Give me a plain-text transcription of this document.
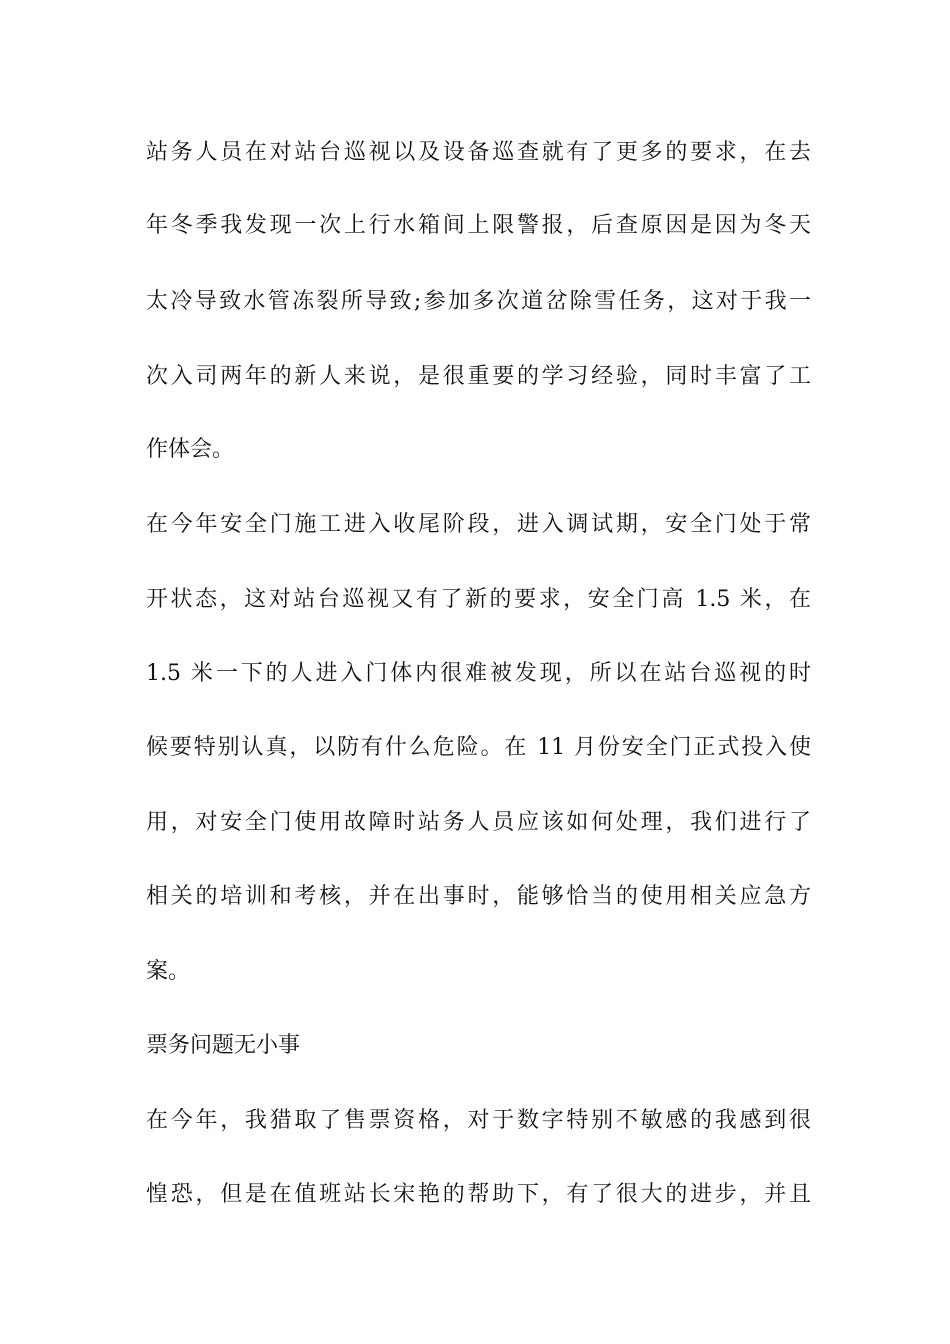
站务人员在对站台巡视以及设备巡查就有了更多的要求，在去
年冬季我发现一次上行水箱间上限警报，后查原因是因为冬天
太冷导致水管冻裂所导致;参加多次道岔除雪任务，这对于我一
次入司两年的新人来说，是很重要的学习经验，同时丰富了工
作体会。
在今年安全门施工进入收尾阶段，进入调试期，安全门处于常
开状态，这对站台巡视又有了新的要求，安全门高 1.5 米，在
1.5 米一下的人进入门体内很难被发现，所以在站台巡视的时
候要特别认真，以防有什么危险。在 11 月份安全门正式投入使
用，对安全门使用故障时站务人员应该如何处理，我们进行了
相关的培训和考核，并在出事时，能够恰当的使用相关应急方
案。
票务问题无小事
在今年，我猎取了售票资格，对于数字特别不敏感的我感到很
惶恐，但是在值班站长宋艳的帮助下，有了很大的进步，并且
